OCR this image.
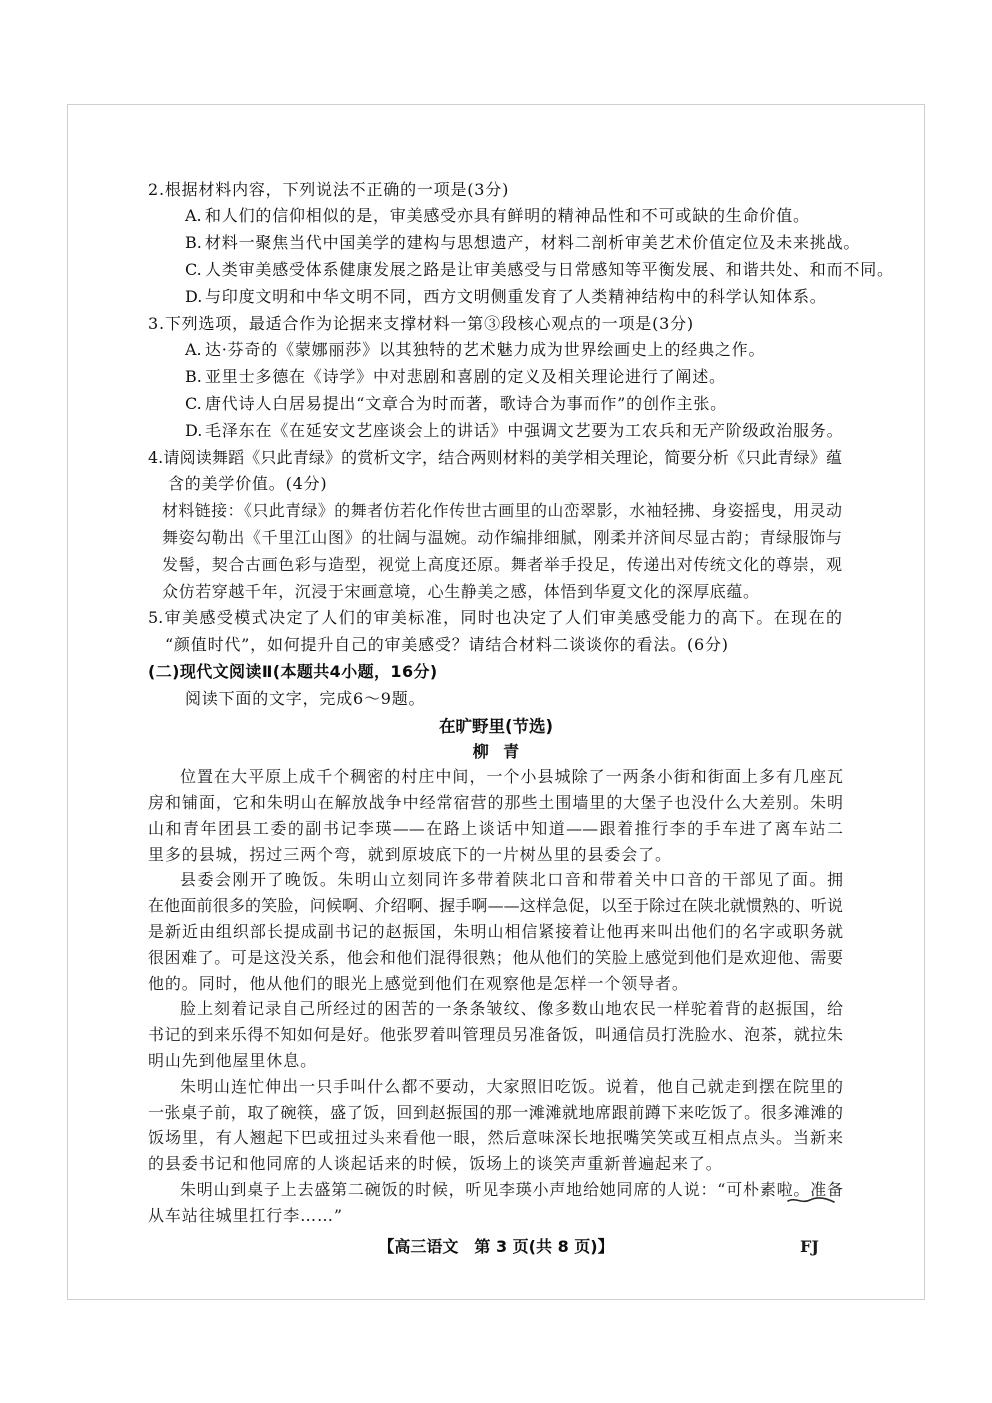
2.根据材料内容，下列说法不正确的一项是(3分)
A. 和人们的信仰相似的是，审美感受亦具有鲜明的精神品性和不可或缺的生命价值。
B. 材料一聚焦当代中国美学的建构与思想遗产，材料二剖析审美艺术价值定位及未来挑战。
C. 人类审美感受体系健康发展之路是让审美感受与日常感知等平衡发展、和谐共处、和而不同。
D. 与印度文明和中华文明不同，西方文明侧重发育了人类精神结构中的科学认知体系。
3.下列选项，最适合作为论据来支撑材料一第③段核心观点的一项是(3分)
A. 达·芬奇的《蒙娜丽莎》以其独特的艺术魅力成为世界绘画史上的经典之作。
B. 亚里士多德在《诗学》中对悲剧和喜剧的定义及相关理论进行了阐述。
C. 唐代诗人白居易提出“文章合为时而著，歌诗合为事而作”的创作主张。
D. 毛泽东在《在延安文艺座谈会上的讲话》中强调文艺要为工农兵和无产阶级政治服务。
4.请阅读舞蹈《只此青绿》的赏析文字，结合两则材料的美学相关理论，简要分析《只此青绿》蕴
含的美学价值。(4分)
材料链接：《只此青绿》的舞者仿若化作传世古画里的山峦翠影，水袖轻拂、身姿摇曳，用灵动
舞姿勾勒出《千里江山图》的壮阔与温婉。动作编排细腻，刚柔并济间尽显古韵；青绿服饰与
发髻，契合古画色彩与造型，视觉上高度还原。舞者举手投足，传递出对传统文化的尊崇，观
众仿若穿越千年，沉浸于宋画意境，心生静美之感，体悟到华夏文化的深厚底蕴。
5.审美感受模式决定了人们的审美标准，同时也决定了人们审美感受能力的高下。在现在的
“颜值时代”，如何提升自己的审美感受？请结合材料二谈谈你的看法。(6分)
(二)现代文阅读Ⅱ(本题共4小题，16分)
阅读下面的文字，完成6～9题。
在旷野里(节选)
柳青
位置在大平原上成千个稠密的村庄中间，一个小县城除了一两条小街和街面上多有几座瓦
房和铺面，它和朱明山在解放战争中经常宿营的那些土围墙里的大堡子也没什么大差别。朱明
山和青年团县工委的副书记李瑛——在路上谈话中知道——跟着推行李的手车进了离车站二
里多的县城，拐过三两个弯，就到原坡底下的一片树丛里的县委会了。
县委会刚开了晚饭。朱明山立刻同许多带着陕北口音和带着关中口音的干部见了面。拥
在他面前很多的笑脸，问候啊、介绍啊、握手啊——这样急促，以至于除过在陕北就惯熟的、听说
是新近由组织部长提成副书记的赵振国，朱明山相信紧接着让他再来叫出他们的名字或职务就
很困难了。可是这没关系，他会和他们混得很熟；他从他们的笑脸上感觉到他们是欢迎他、需要
他的。同时，他从他们的眼光上感觉到他们在观察他是怎样一个领导者。
脸上刻着记录自己所经过的困苦的一条条皱纹、像多数山地农民一样驼着背的赵振国，给
书记的到来乐得不知如何是好。他张罗着叫管理员另准备饭，叫通信员打洗脸水、泡茶，就拉朱
明山先到他屋里休息。
朱明山连忙伸出一只手叫什么都不要动，大家照旧吃饭。说着，他自己就走到摆在院里的
一张桌子前，取了碗筷，盛了饭，回到赵振国的那一滩滩就地席跟前蹲下来吃饭了。很多滩滩的
饭场里，有人翘起下巴或扭过头来看他一眼，然后意味深长地抿嘴笑笑或互相点点头。当新来
的县委书记和他同席的人谈起话来的时候，饭场上的谈笑声重新普遍起来了。
朱明山到桌子上去盛第二碗饭的时候，听见李瑛小声地给她同席的人说：“可朴素啦。准备
从车站往城里扛行李……”
【高三语文　第 3 页(共 8 页)】	FJ
